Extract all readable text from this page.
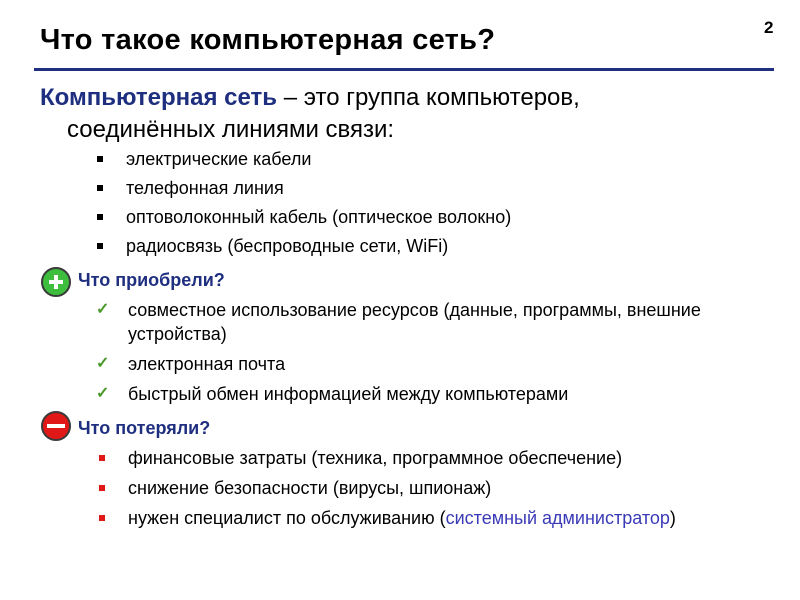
2
Что такое компьютерная сеть?
Компьютерная сеть – это группа компьютеров,
соединённых линиями связи:
электрические кабели
телефонная линия
оптоволоконный кабель (оптическое волокно)
радиосвязь (беспроводные сети, WiFi)
Что приобрели?
✓ совместное использование ресурсов (данные, программы, внешние устройства)
✓ электронная почта
✓ быстрый обмен информацией между компьютерами
Что потеряли?
финансовые затраты (техника, программное обеспечение)
снижение безопасности (вирусы, шпионаж)
нужен специалист по обслуживанию (системный администратор)
